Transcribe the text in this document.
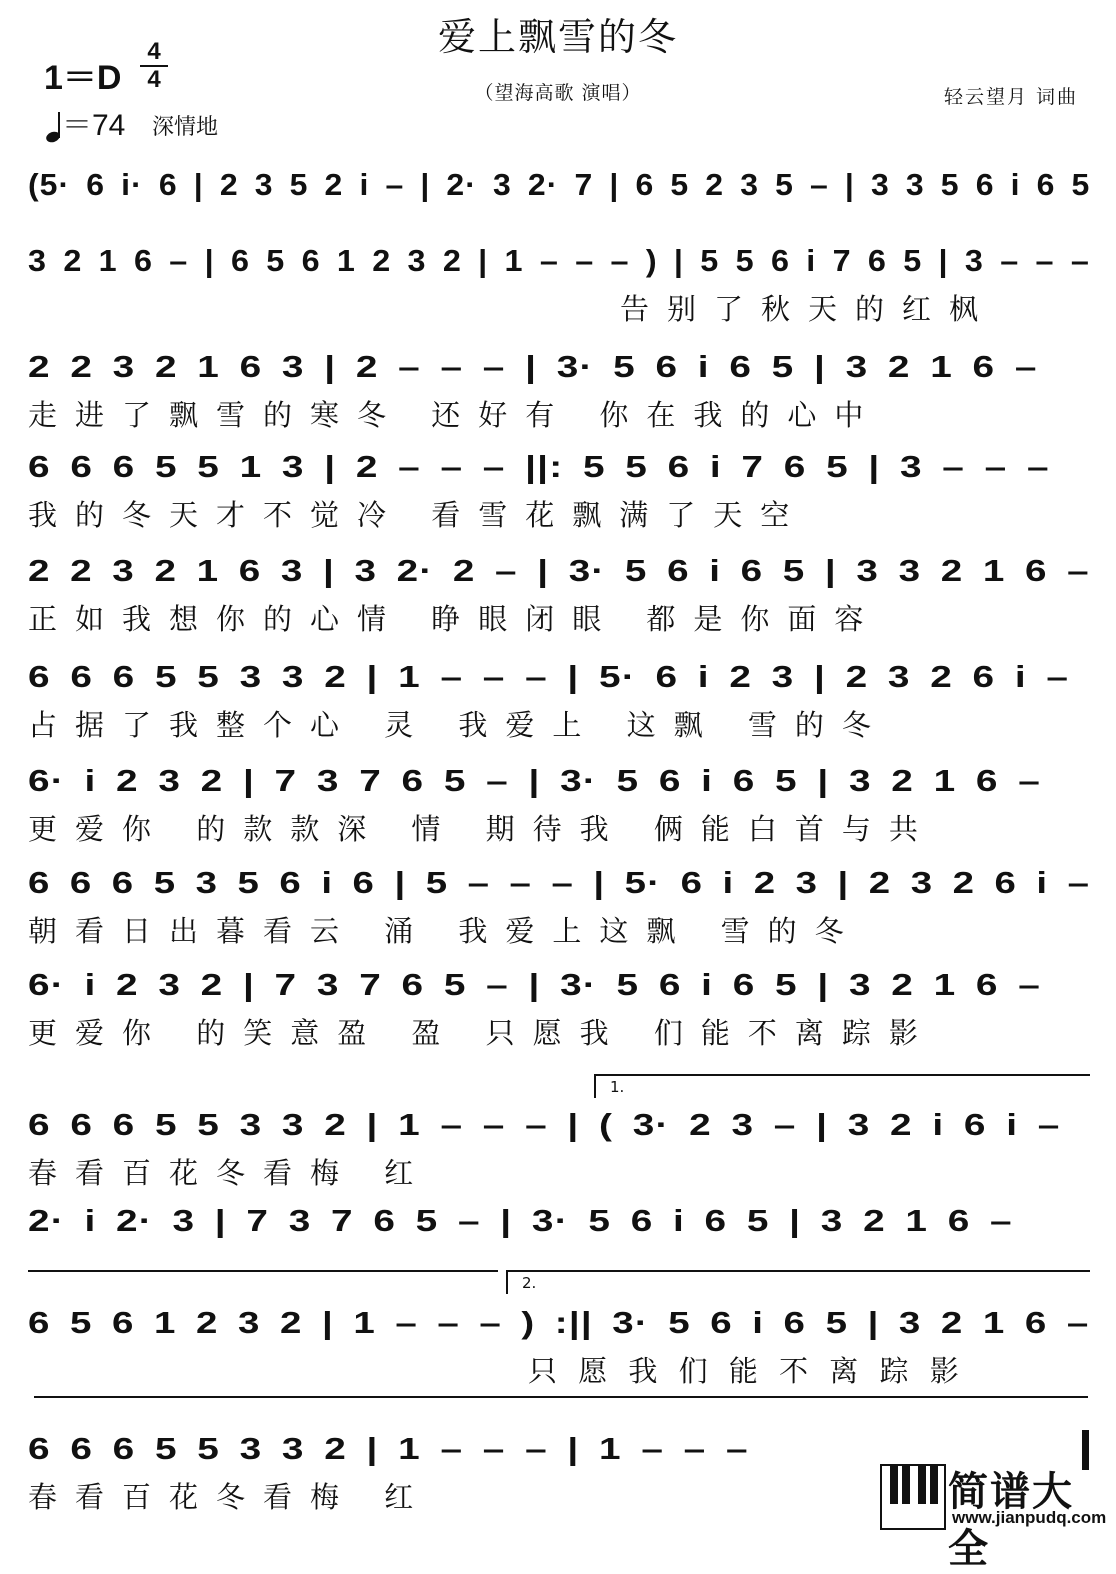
爱上飘雪的冬
（望海高歌 演唱）	轻云望月 词曲
1＝D
4
4
＝74 深情地
(5· 6 i· 6 | 2 3 5 2 i – | 2· 3 2· 7 | 6 5 2 3 5 – | 3 3 5 6 i 6 5
3 2 1 6 – | 6 5 6 1 2 3 2 | 1 – – – ) | 5 5 6 i 7 6 5 | 3 – – –
告别了秋天的红枫
2 2 3 2 1 6 3 | 2 – – – | 3· 5 6 i 6 5 | 3 2 1 6 –
走进了飘雪的寒冬 还好有 你在我的心中
6 6 6 5 5 1 3 | 2 – – – ||: 5 5 6 i 7 6 5 | 3 – – –
我的冬天才不觉冷 看雪花飘满了天空
2 2 3 2 1 6 3 | 3 2· 2 – | 3· 5 6 i 6 5 | 3 3 2 1 6 –
正如我想你的心情 睁眼闭眼 都是你面容
6 6 6 5 5 3 3 2 | 1 – – – | 5· 6 i 2 3 | 2 3 2 6 i –
占据了我整个心 灵 我爱上 这飘 雪的冬
6· i 2 3 2 | 7 3 7 6 5 – | 3· 5 6 i 6 5 | 3 2 1 6 –
更爱你 的款款深 情 期待我 俩能白首与共
6 6 6 5 3 5 6 i 6 | 5 – – – | 5· 6 i 2 3 | 2 3 2 6 i –
朝看日出暮看云 涌 我爱上这飘 雪的冬
6· i 2 3 2 | 7 3 7 6 5 – | 3· 5 6 i 6 5 | 3 2 1 6 –
更爱你 的笑意盈 盈 只愿我 们能不离踪影
1.
6 6 6 5 5 3 3 2 | 1 – – – | ( 3· 2 3 – | 3 2 i 6 i –
春看百花冬看梅 红
2· i 2· 3 | 7 3 7 6 5 – | 3· 5 6 i 6 5 | 3 2 1 6 –
2.
6 5 6 1 2 3 2 | 1 – – – ) :|| 3· 5 6 i 6 5 | 3 2 1 6 –
只 愿 我 们 能 不 离 踪 影
6 6 6 5 5 3 3 2 | 1 – – – | 1 – – –
春看百花冬看梅 红	简谱大全
www.jianpudq.com
